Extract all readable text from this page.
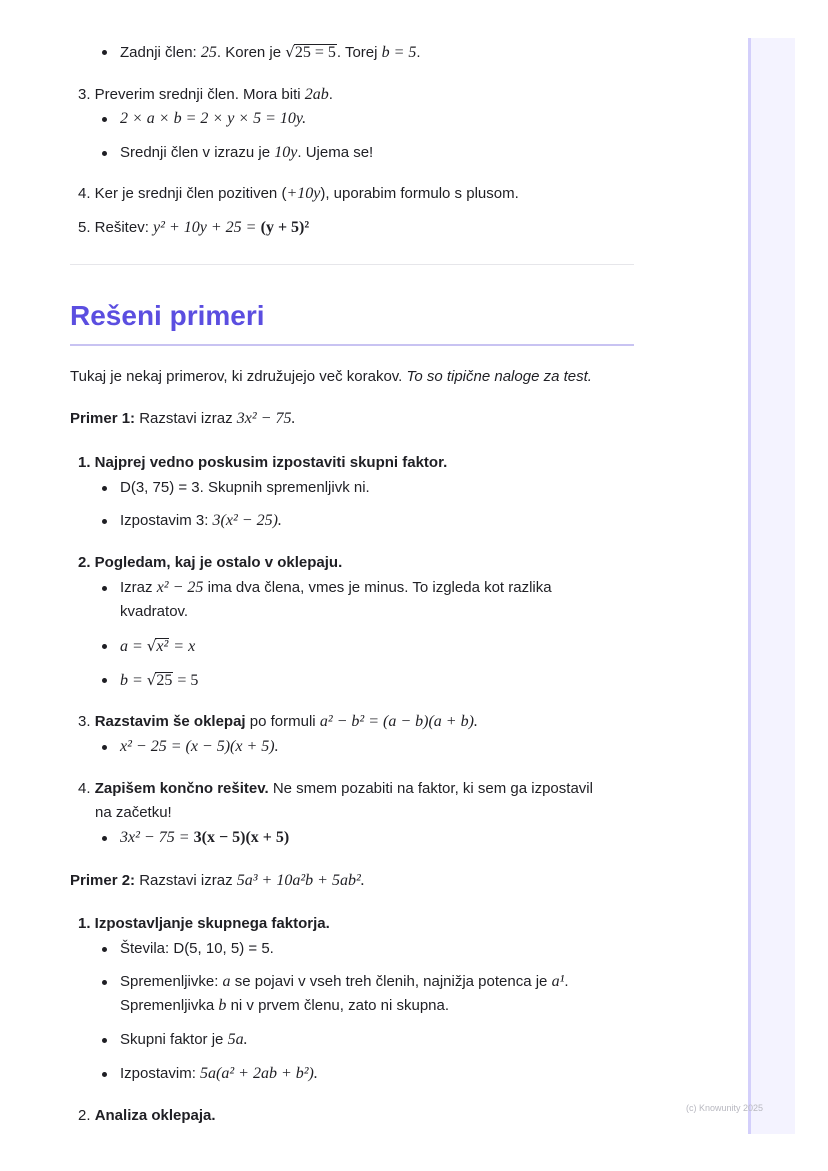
Zadnji člen: 25. Koren je √25 = 5. Torej b = 5.
3. Preverim srednji člen. Mora biti 2ab.
2 × a × b = 2 × y × 5 = 10y.
Srednji člen v izrazu je 10y. Ujema se!
4. Ker je srednji člen pozitiven (+10y), uporabim formulo s plusom.
5. Rešitev: y² + 10y + 25 = (y + 5)²
Rešeni primeri
Tukaj je nekaj primerov, ki združujejo več korakov. To so tipične naloge za test.
Primer 1: Razstavi izraz 3x² − 75.
1. Najprej vedno poskusim izpostaviti skupni faktor.
D(3, 75) = 3. Skupnih spremenljivk ni.
Izpostavim 3: 3(x² − 25).
2. Pogledam, kaj je ostalo v oklepaju.
Izraz x² − 25 ima dva člena, vmes je minus. To izgleda kot razlika
kvadratov.
a = √x² = x
b = √25 = 5
3. Razstavim še oklepaj po formuli a² − b² = (a − b)(a + b).
x² − 25 = (x − 5)(x + 5).
4. Zapišem končno rešitev. Ne smem pozabiti na faktor, ki sem ga izpostavil
na začetku!
3x² − 75 = 3(x − 5)(x + 5)
Primer 2: Razstavi izraz 5a³ + 10a²b + 5ab².
1. Izpostavljanje skupnega faktorja.
Števila: D(5, 10, 5) = 5.
Spremenljivke: a se pojavi v vseh treh členih, najnižja potenca je a¹.
Spremenljivka b ni v prvem členu, zato ni skupna.
Skupni faktor je 5a.
Izpostavim: 5a(a² + 2ab + b²).
2. Analiza oklepaja.	(c) Knowunity 2025
